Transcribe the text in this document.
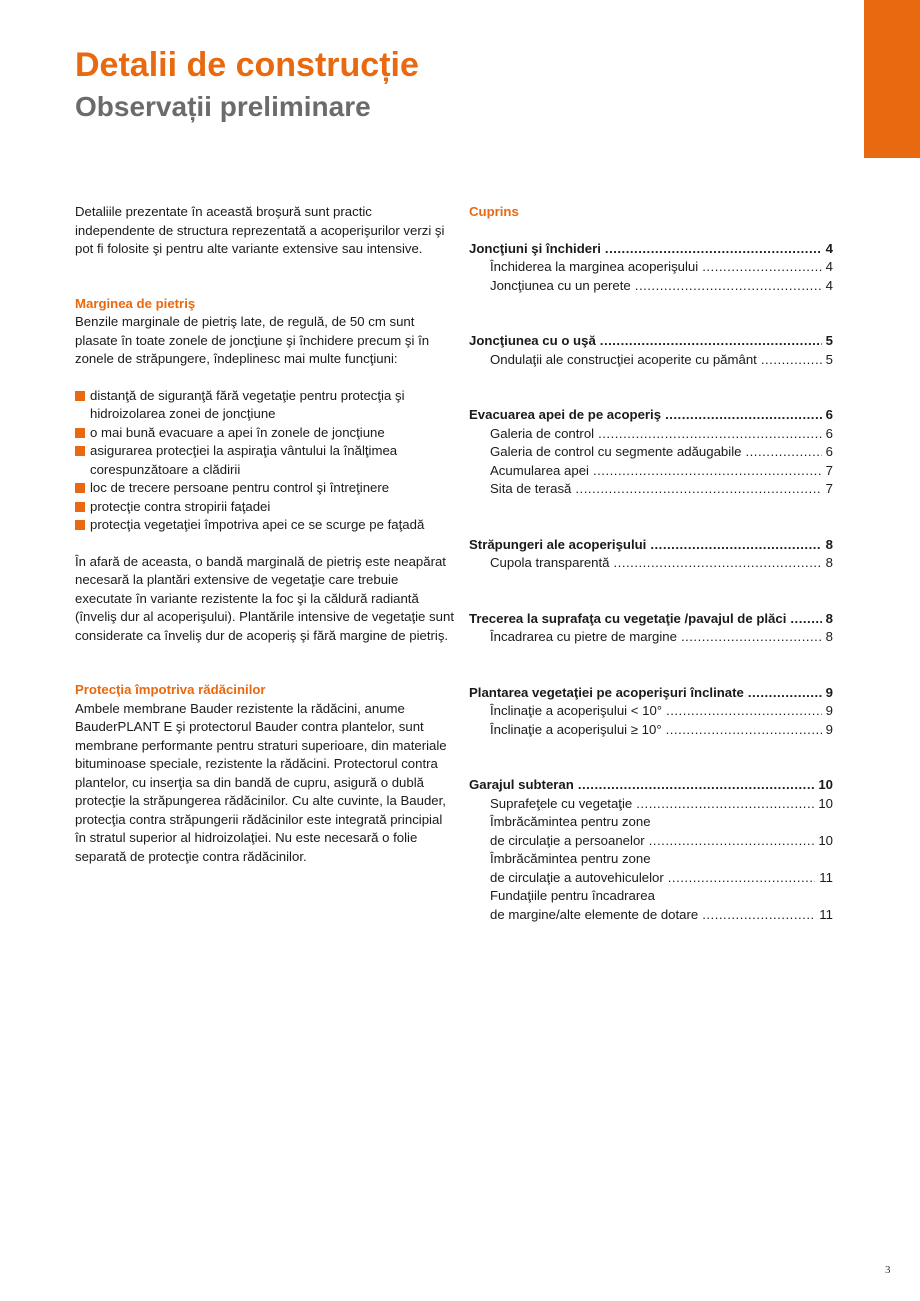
Detalii de construcție
Observații preliminare

Detaliile prezentate în această broşură sunt practic independente de structura reprezentată a acoperişurilor verzi şi pot fi folosite şi pentru alte variante extensive sau intensive.

Marginea de pietriş

Benzile marginale de pietriş late, de regulă, de 50 cm sunt plasate în toate zonele de joncţiune şi închidere precum şi în zonele de străpungere, îndeplinesc mai multe funcţiuni:

distanţă de siguranţă fără vegetaţie pentru protecţia şi hidroizolarea zonei de joncţiune
o mai bună evacuare a apei în zonele de joncţiune
asigurarea protecţiei la aspiraţia vântului la înălţimea corespunzătoare a clădirii
loc de trecere persoane pentru control şi întreţinere
protecţie contra stropirii faţadei
protecţia vegetaţiei împotriva apei ce se scurge pe faţadă

În afară de aceasta, o bandă marginală de pietriş este neapărat necesară la plantări extensive de vegetaţie care trebuie executate în variante rezistente la foc şi la căldură radiantă (înveliş dur al acoperişului). Plantările intensive de vegetaţie sunt considerate ca înveliş dur de acoperiş şi fără margine de pietriş.

Protecţia împotriva rădăcinilor

Ambele membrane Bauder rezistente la rădăcini, anume BauderPLANT E şi protectorul Bauder contra plantelor, sunt membrane performante pentru straturi superioare, din materiale bituminoase speciale, rezistente la rădăcini. Protectorul contra plantelor, cu inserţia sa din bandă de cupru, asigură o dublă protecţie la străpungerea rădăcinilor. Cu alte cuvinte, la Bauder, protecţia contra străpungerii rădăcinilor este integrată principial în stratul superior al hidroizolaţiei. Nu este necesară o folie separată de protecţie contra rădăcinilor.

Cuprins
Joncţiuni şi închideri .....	4
Închiderea la marginea acoperişului .....	4
Joncţiunea cu un perete .....	4
Joncţiunea cu o uşă .....	5
Ondulaţii ale construcţiei acoperite cu pământ .....	5
Evacuarea apei de pe acoperiş .....	6
Galeria de control .....	6
Galeria de control cu segmente adăugabile .....	6
Acumularea apei .....	7
Sita de terasă .....	7
Străpungeri ale acoperişului .....	8
Cupola transparentă .....	8
Trecerea la suprafaţa cu vegetaţie /pavajul de plăci .....	8
Încadrarea cu pietre de margine .....	8
Plantarea vegetaţiei pe acoperişuri înclinate .....	9
Înclinaţie a acoperişului < 10° .....	9
Înclinaţie a acoperişului ≥ 10° .....	9
Garajul subteran .....	10
Suprafeţele cu vegetaţie .....	10
Îmbrăcămintea pentru zone
de circulaţie a persoanelor .....	10
Îmbrăcămintea pentru zone
de circulaţie a autovehiculelor .....	11
Fundaţiile pentru încadrarea
de margine/alte elemente de dotare .....	11
3
